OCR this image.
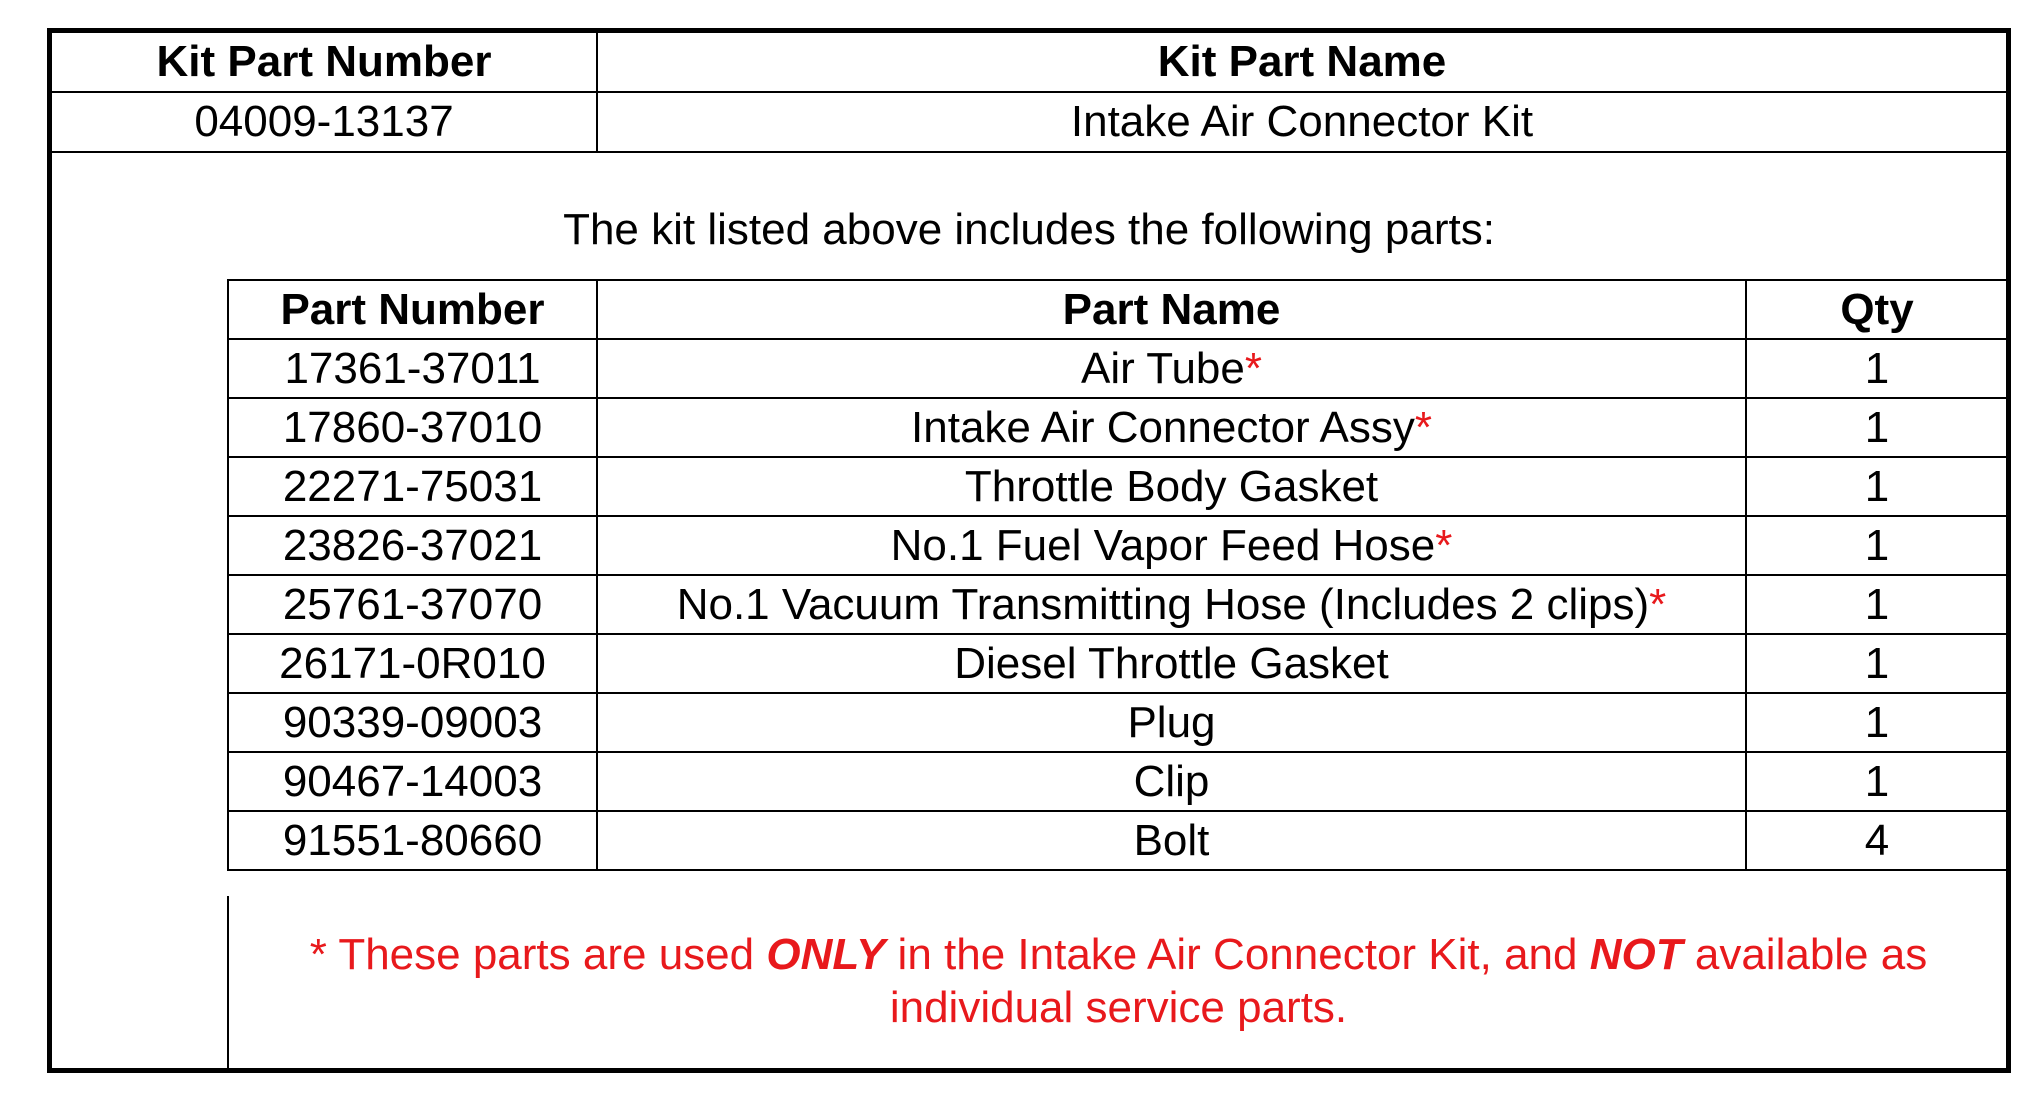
Kit Part Number	Kit Part Name
04009-13137	Intake Air Connector Kit
The kit listed above includes the following parts:
Part Number	Part Name	Qty
17361-37011	Air Tube*	1
17860-37010	Intake Air Connector Assy*	1
22271-75031	Throttle Body Gasket	1
23826-37021	No.1 Fuel Vapor Feed Hose*	1
25761-37070	No.1 Vacuum Transmitting Hose (Includes 2 clips)*	1
26171-0R010	Diesel Throttle Gasket	1
90339-09003	Plug	1
90467-14003	Clip	1
91551-80660	Bolt	4
* These parts are used ONLY in the Intake Air Connector Kit, and NOT available as individual service parts.
